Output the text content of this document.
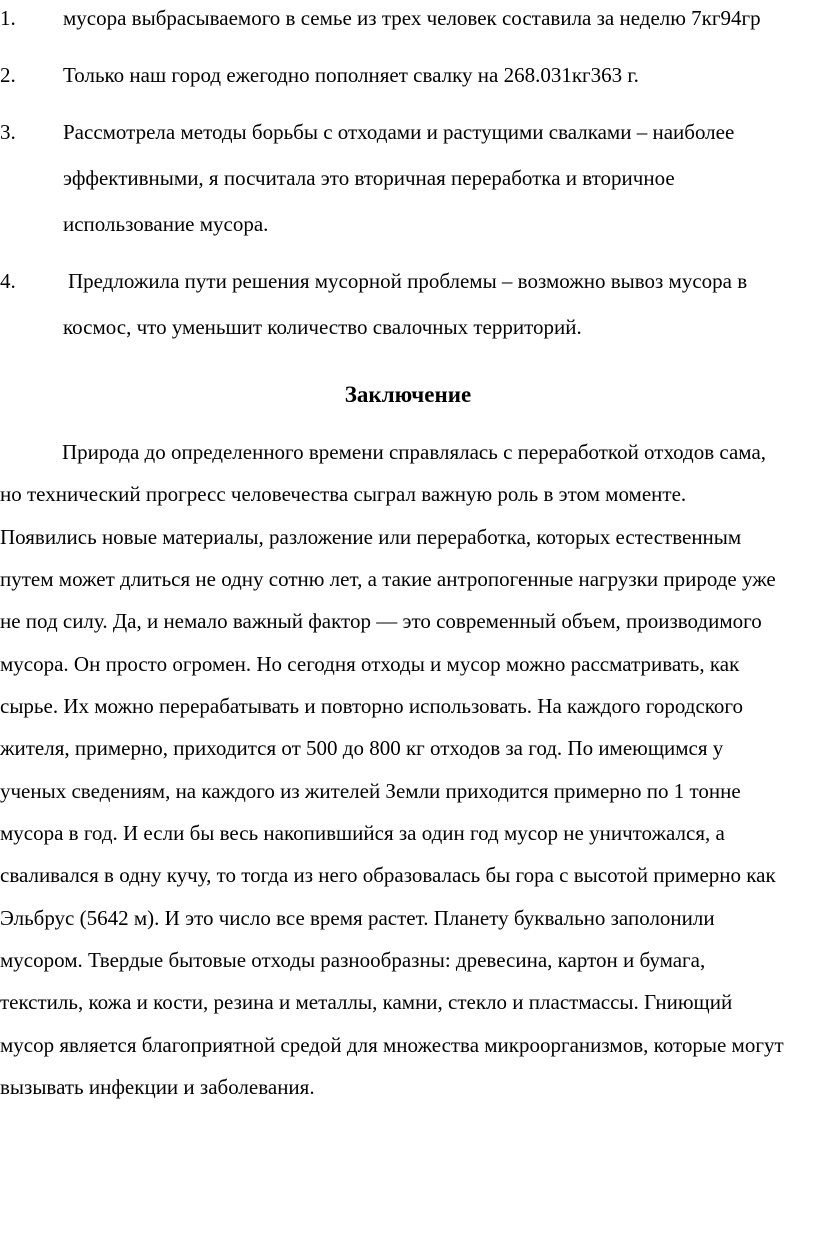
1. мусора выбрасываемого в семье из трех человек составила за неделю 7кг94гр
2. Только наш город ежегодно пополняет свалку на 268.031кг363 г.
3. Рассмотрела методы борьбы с отходами и растущими свалками – наиболее эффективными, я посчитала это вторичная переработка и вторичное использование мусора.
4. Предложила пути решения мусорной проблемы – возможно вывоз мусора в космос, что уменьшит количество свалочных территорий.
Заключение

Природа до определенного времени справлялась с переработкой отходов сама, но технический прогресс человечества сыграл важную роль в этом моменте. Появились новые материалы, разложение или переработка, которых естественным путем может длиться не одну сотню лет, а такие антропогенные нагрузки природе уже не под силу. Да, и немало важный фактор — это современный объем, производимого мусора. Он просто огромен. Но сегодня отходы и мусор можно рассматривать, как сырье. Их можно перерабатывать и повторно использовать. На каждого городского жителя, примерно, приходится от 500 до 800 кг отходов за год. По имеющимся у ученых сведениям, на каждого из жителей Земли приходится примерно по 1 тонне мусора в год. И если бы весь накопившийся за один год мусор не уничтожался, а сваливался в одну кучу, то тогда из него образовалась бы гора с высотой примерно как Эльбрус (5642 м). И это число все время растет. Планету буквально заполонили мусором. Твердые бытовые отходы разнообразны: древесина, картон и бумага, текстиль, кожа и кости, резина и металлы, камни, стекло и пластмассы. Гниющий мусор является благоприятной средой для множества микроорганизмов, которые могут вызывать инфекции и заболевания.
